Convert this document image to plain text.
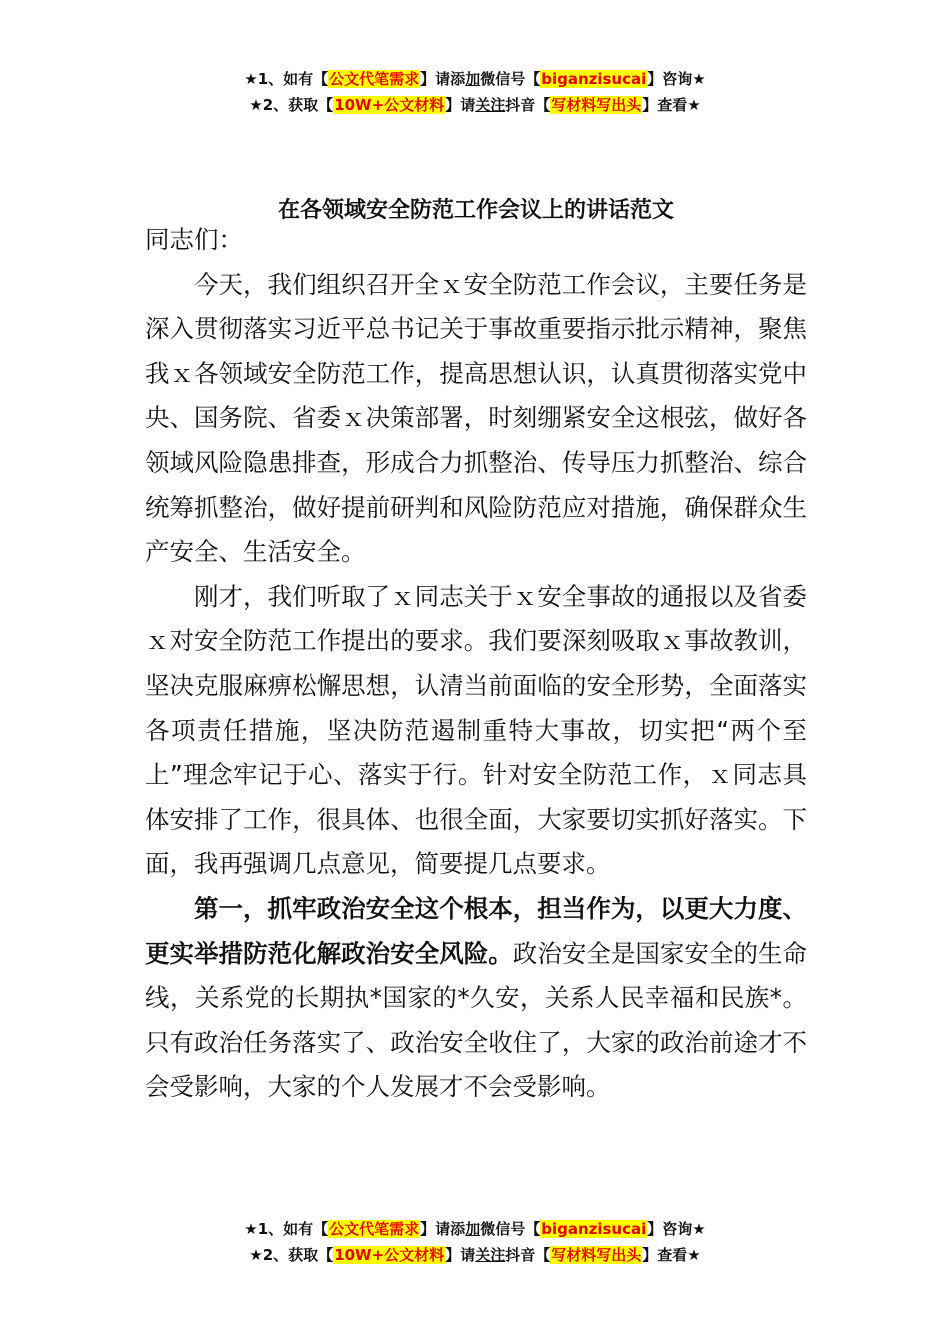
★1、如有【公文代笔需求】请添加微信号【biganzisucai】咨询★
★2、获取【10W+公文材料】请关注抖音【写材料写出头】查看★
在各领域安全防范工作会议上的讲话范文

同志们：

今天，我们组织召开全ｘ安全防范工作会议，主要任务是深入贯彻落实习近平总书记关于事故重要指示批示精神，聚焦我ｘ各领域安全防范工作，提高思想认识，认真贯彻落实党中央、国务院、省委ｘ决策部署，时刻绷紧安全这根弦，做好各领域风险隐患排查，形成合力抓整治、传导压力抓整治、综合统筹抓整治，做好提前研判和风险防范应对措施，确保群众生产安全、生活安全。

刚才，我们听取了ｘ同志关于ｘ安全事故的通报以及省委ｘ对安全防范工作提出的要求。我们要深刻吸取ｘ事故教训，坚决克服麻痹松懈思想，认清当前面临的安全形势，全面落实各项责任措施，坚决防范遏制重特大事故，切实把“两个至上”理念牢记于心、落实于行。针对安全防范工作，ｘ同志具体安排了工作，很具体、也很全面，大家要切实抓好落实。下面，我再强调几点意见，简要提几点要求。

第一，抓牢政治安全这个根本，担当作为，以更大力度、更实举措防范化解政治安全风险。政治安全是国家安全的生命线，关系党的长期执*国家的*久安，关系人民幸福和民族*。只有政治任务落实了、政治安全收住了，大家的政治前途才不会受影响，大家的个人发展才不会受影响。

★1、如有【公文代笔需求】请添加微信号【biganzisucai】咨询★
★2、获取【10W+公文材料】请关注抖音【写材料写出头】查看★
